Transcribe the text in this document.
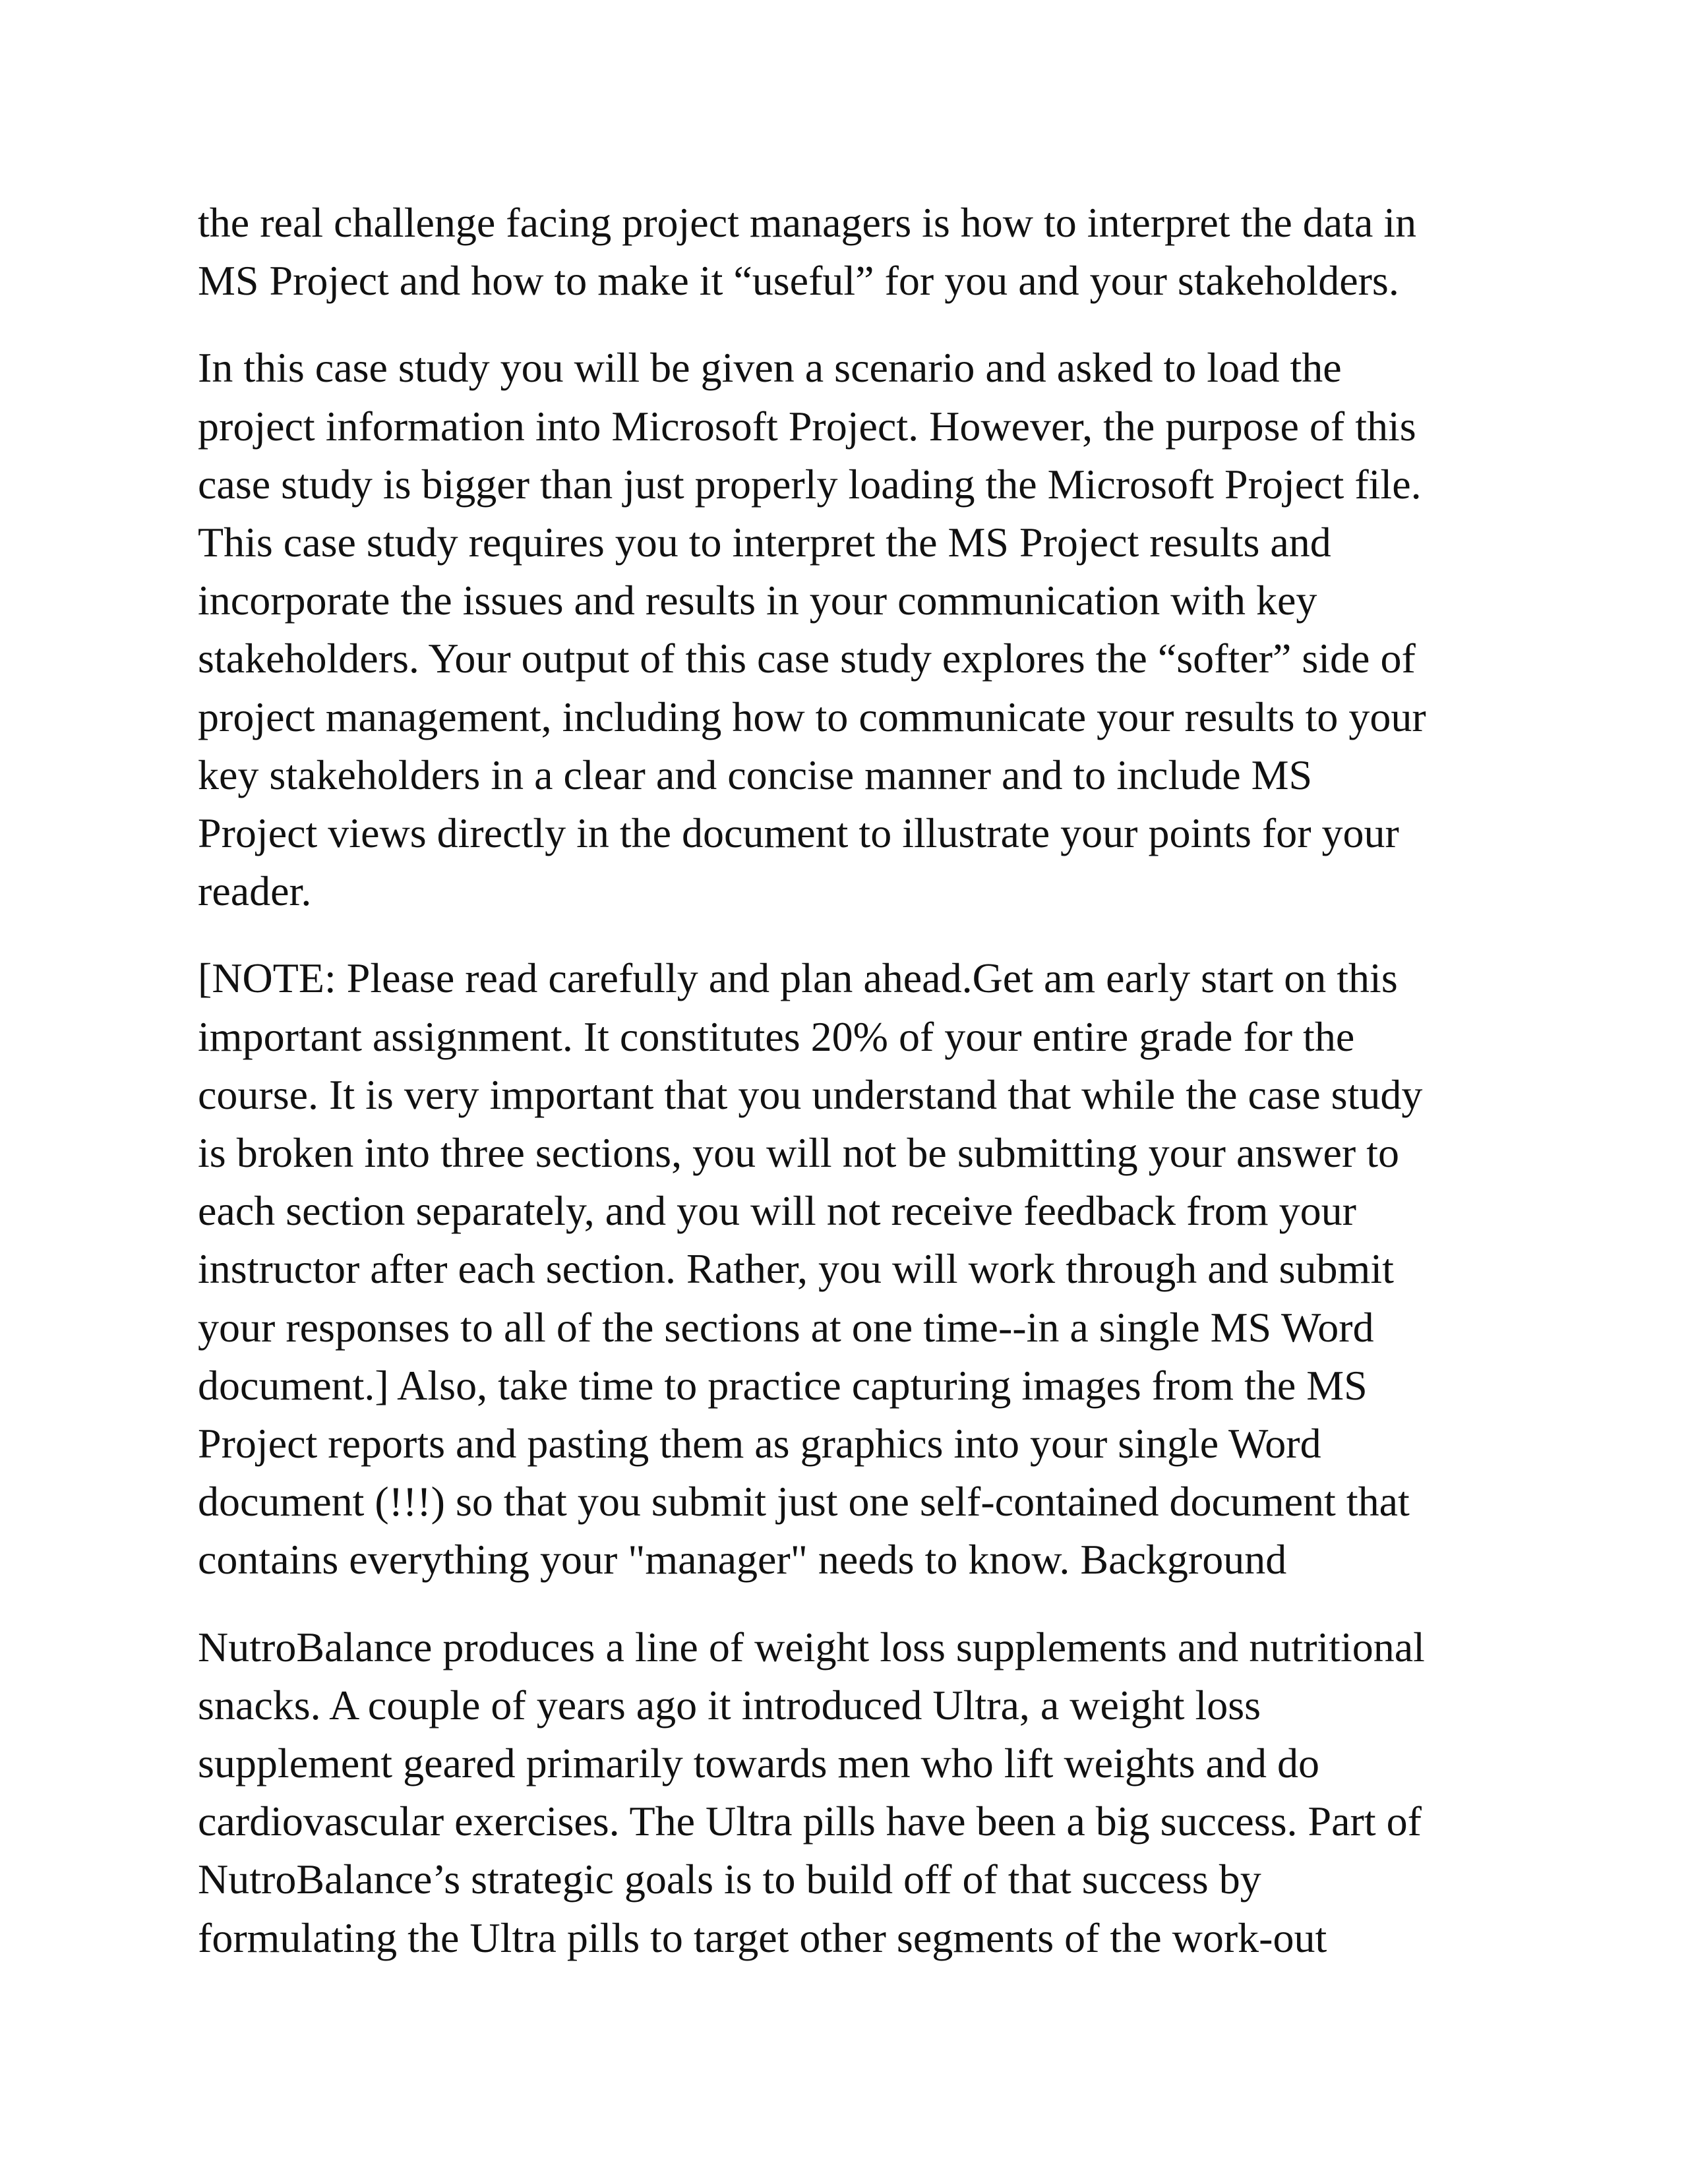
the real challenge facing project managers is how to interpret the data in
MS Project and how to make it “useful” for you and your stakeholders.
In this case study you will be given a scenario and asked to load the
project information into Microsoft Project. However, the purpose of this
case study is bigger than just properly loading the Microsoft Project file.
This case study requires you to interpret the MS Project results and
incorporate the issues and results in your communication with key
stakeholders. Your output of this case study explores the “softer” side of
project management, including how to communicate your results to your
key stakeholders in a clear and concise manner and to include MS
Project views directly in the document to illustrate your points for your
reader.
[NOTE: Please read carefully and plan ahead.Get am early start on this
important assignment. It constitutes 20% of your entire grade for the
course. It is very important that you understand that while the case study
is broken into three sections, you will not be submitting your answer to
each section separately, and you will not receive feedback from your
instructor after each section. Rather, you will work through and submit
your responses to all of the sections at one time--in a single MS Word
document.] Also, take time to practice capturing images from the MS
Project reports and pasting them as graphics into your single Word
document (!!!) so that you submit just one self-contained document that
contains everything your "manager" needs to know. Background
NutroBalance produces a line of weight loss supplements and nutritional
snacks. A couple of years ago it introduced Ultra, a weight loss
supplement geared primarily towards men who lift weights and do
cardiovascular exercises. The Ultra pills have been a big success. Part of
NutroBalance’s strategic goals is to build off of that success by
formulating the Ultra pills to target other segments of the work-out
